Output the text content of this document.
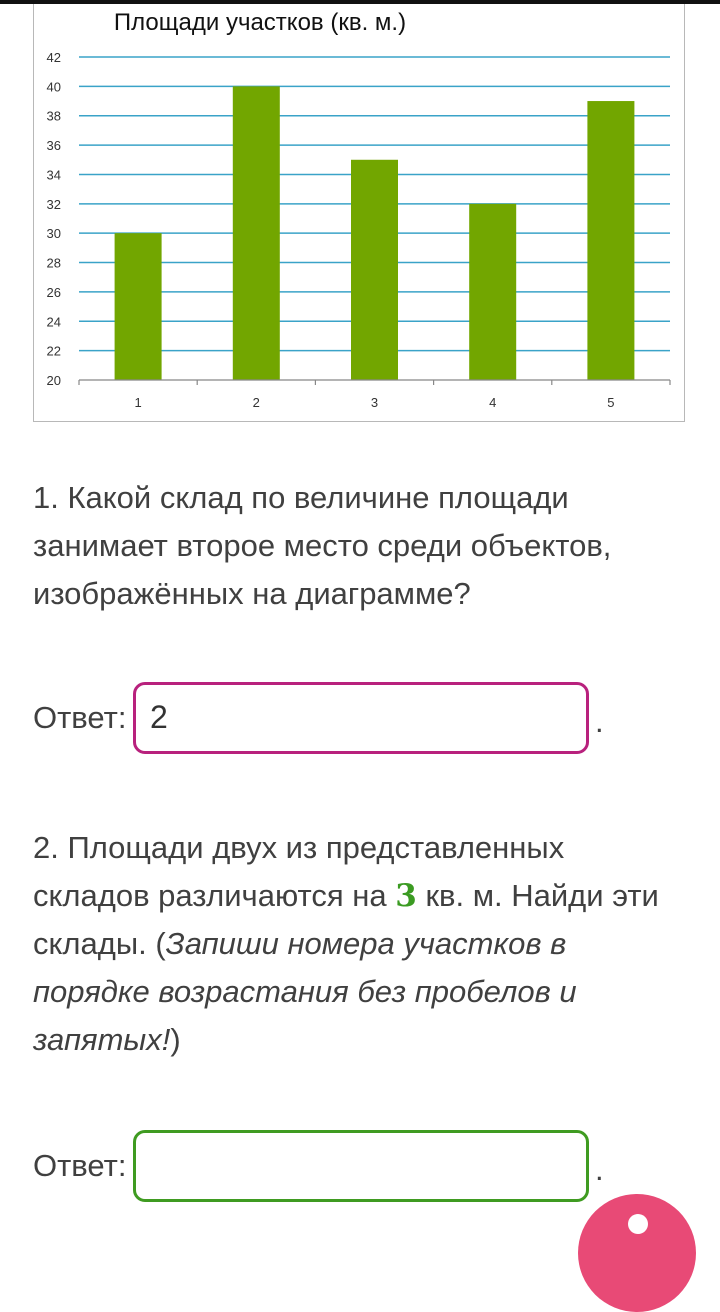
Площади участков (кв. м.)
20
22
24
26
28
30
32
34
36
38
40
42
1	2	3	4	5
1. Какой склад по величине площади занимает второе место среди объектов, изображённых на диаграмме?
Ответ: 2	.
2. Площади двух из представленных складов различаются на 3 кв. м. Найди эти склады. (Запиши номера участков в порядке возрастания без пробелов и запятых!)
Ответ:	.
